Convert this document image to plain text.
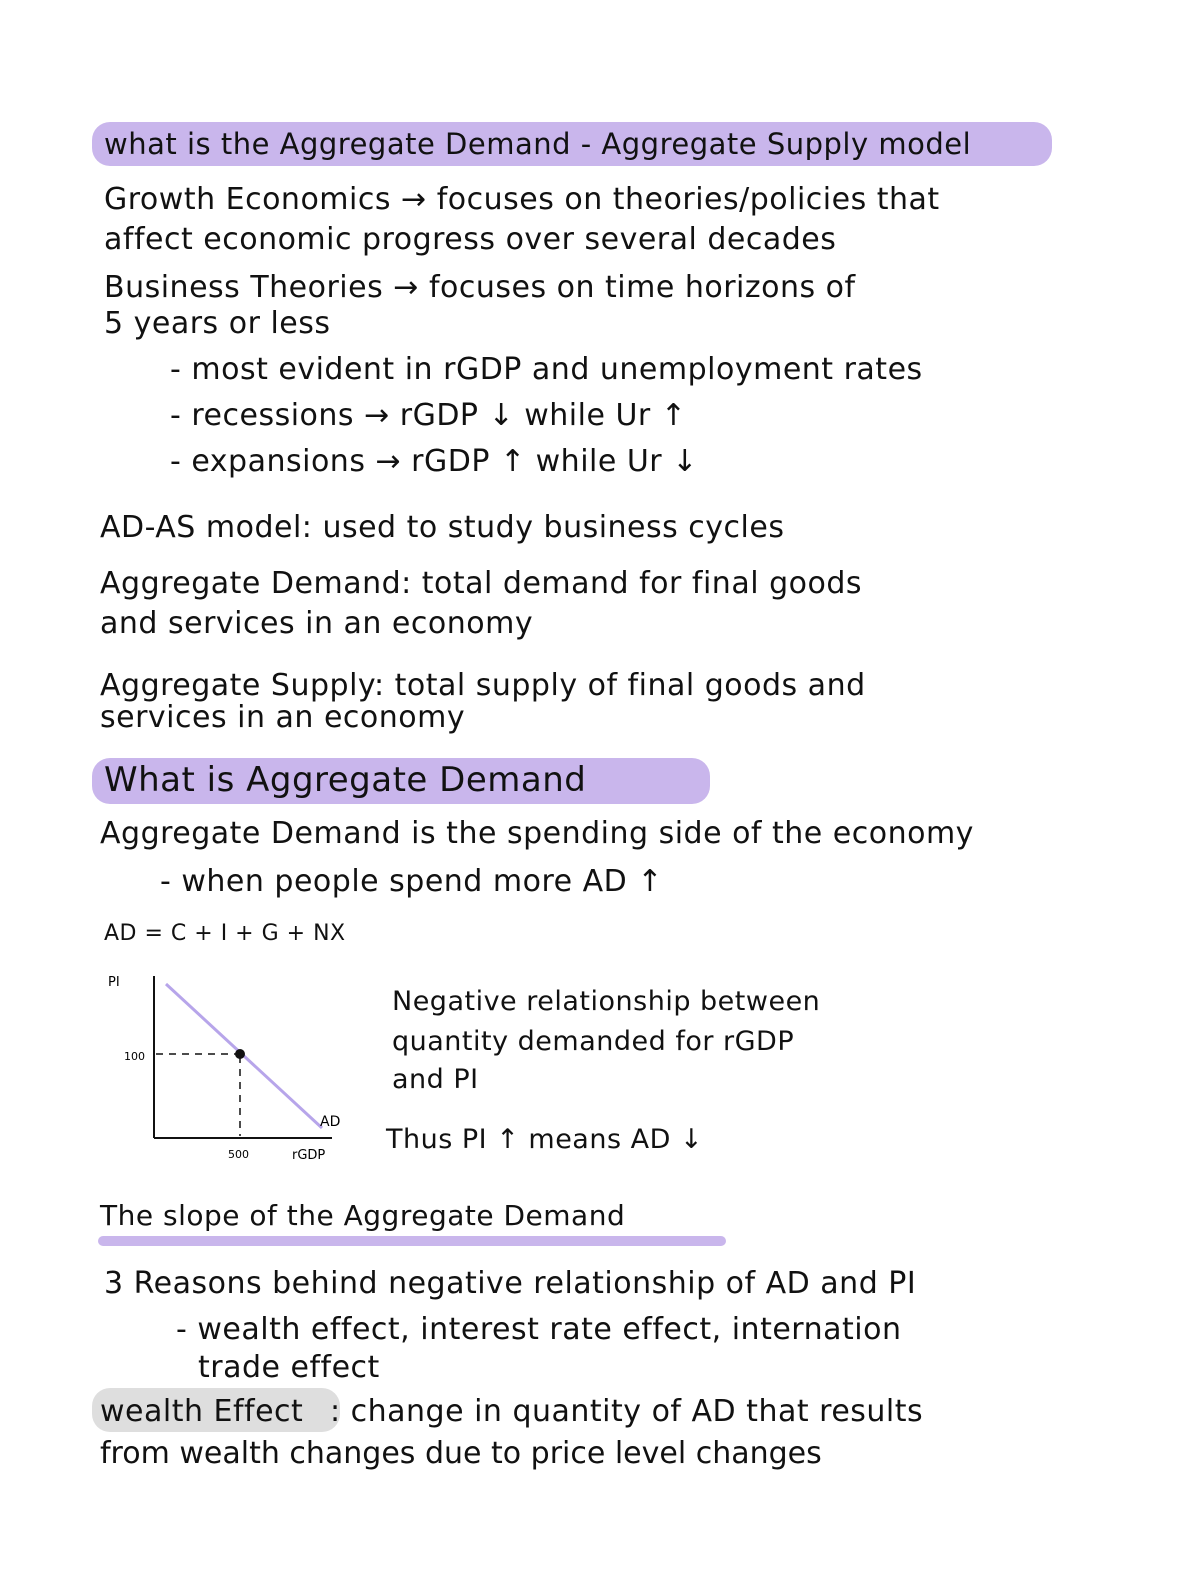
what is the Aggregate Demand - Aggregate Supply model
Growth Economics → focuses on theories/policies that
affect economic progress over several decades
Business Theories → focuses on time horizons of
5 years or less
- most evident in rGDP and unemployment rates
- recessions → rGDP ↓ while Ur ↑
- expansions → rGDP ↑ while Ur ↓
AD-AS model: used to study business cycles
Aggregate Demand: total demand for final goods
and services in an economy
Aggregate Supply: total supply of final goods and
services in an economy
What is Aggregate Demand
Aggregate Demand is the spending side of the economy
- when people spend more AD ↑
AD = C + I + G + NX
PI
100
500	rGDP
AD
Negative relationship between
quantity demanded for rGDP
and PI
Thus PI ↑ means AD ↓
The slope of the Aggregate Demand
3 Reasons behind negative relationship of AD and PI
- wealth effect, interest rate effect, internation
trade effect
wealth Effect : change in quantity of AD that results
from wealth changes due to price level changes
